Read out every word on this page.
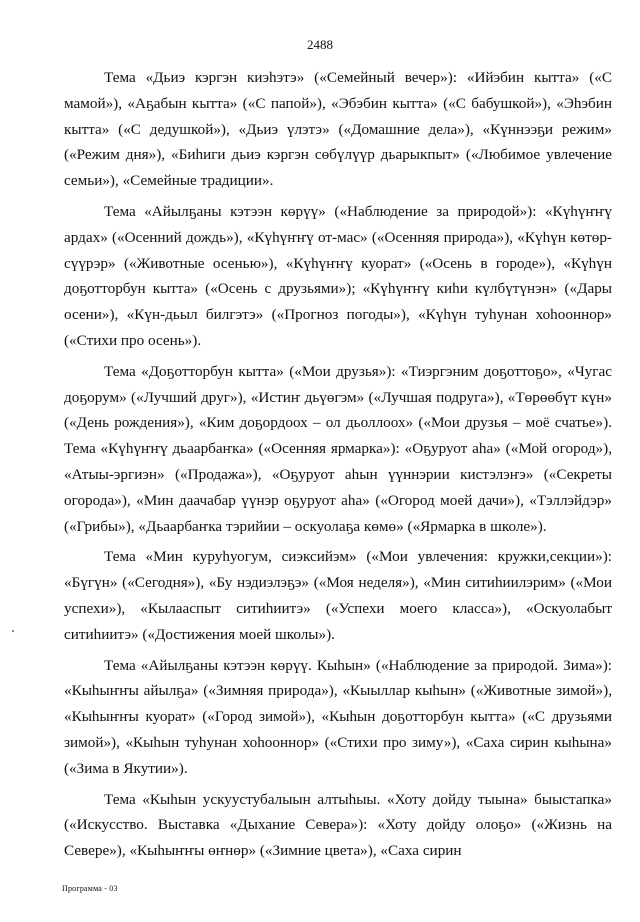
2488

Тема «Дьиэ кэргэн киэһэтэ» («Семейный вечер»): «Ийэбин кытта» («С мамой»), «Аҕабын кытта» («С папой»), «Эбэбин кытта» («С бабушкой»), «Эһэбин кытта» («С дедушкой»), «Дьиэ үлэтэ» («Домашние дела»), «Күннээҕи режим» («Режим дня»), «Биһиги дьиэ кэргэн сөбүлүүр дьарыкпыт» («Любимое увлечение семьи»), «Семейные традиции».

Тема «Айылҕаны кэтээн көрүү» («Наблюдение за природой»): «Күһүҥҥү ардах» («Осенний дождь»), «Күһүҥҥү от-мас» («Осенняя природа»), «Күһүн көтөр-сүүрэр» («Животные осенью»), «Күһүҥҥү куорат» («Осень в городе»), «Күһүн доҕотторбун кытта» («Осень с друзьями»); «Күһүҥҥү киһи күлбүтүнэн» («Дары осени»), «Күн-дьыл билгэтэ» («Прогноз погоды»), «Күһүн туһунан хоһооннор» («Стихи про осень»).

Тема «Доҕотторбун кытта» («Мои друзья»): «Тиэргэним доҕоттоҕо», «Чугас доҕорум» («Лучший друг»), «Истиҥ дьүөгэм» («Лучшая подруга»), «Төрөөбүт күн» («День рождения»), «Ким доҕордоох – ол дьоллоох» («Мои друзья – моё счатье»). Тема «Күһүҥҥү дьаарбаҥка» («Осенняя ярмарка»): «Оҕуруот аһа» («Мой огород»), «Атыы-эргиэн» («Продажа»), «Оҕуруот аһын үүннэрии кистэлэҥэ» («Секреты огорода»), «Мин даачабар үүнэр оҕуруот аһа» («Огород моей дачи»), «Тэллэйдэр» («Грибы»), «Дьаарбаҥка тэрийии – оскуолаҕа көмө» («Ярмарка в школе»).

Тема «Мин куруһуогум, сиэксийэм» («Мои увлечения: кружки,секции»): «Бүгүн» («Сегодня»), «Бу нэдиэлэҕэ» («Моя неделя»), «Мин ситиһиилэрим» («Мои успехи»), «Кылааспыт ситиһиитэ» («Успехи моего класса»), «Оскуолабыт ситиһиитэ» («Достижения моей школы»).

Тема «Айылҕаны кэтээн көрүү. Кыһын» («Наблюдение за природой. Зима»): «Кыһыҥҥы айылҕа» («Зимняя природа»), «Кыыллар кыһын» («Животные зимой»), «Кыһыҥҥы куорат» («Город зимой»), «Кыһын доҕотторбун кытта» («С друзьями зимой»), «Кыһын туһунан хоһооннор» («Стихи про зиму»), «Саха сирин кыһына» («Зима в Якутии»).

Тема «Кыһын ускуустубалыын алтыһыы. «Хоту дойду тыына» быыстапка» («Искусство. Выставка «Дыхание Севера»): «Хоту дойду олоҕо» («Жизнь на Севере»), «Кыһыҥҥы өҥнөр» («Зимние цвета»), «Саха сирин

Программа - 03
